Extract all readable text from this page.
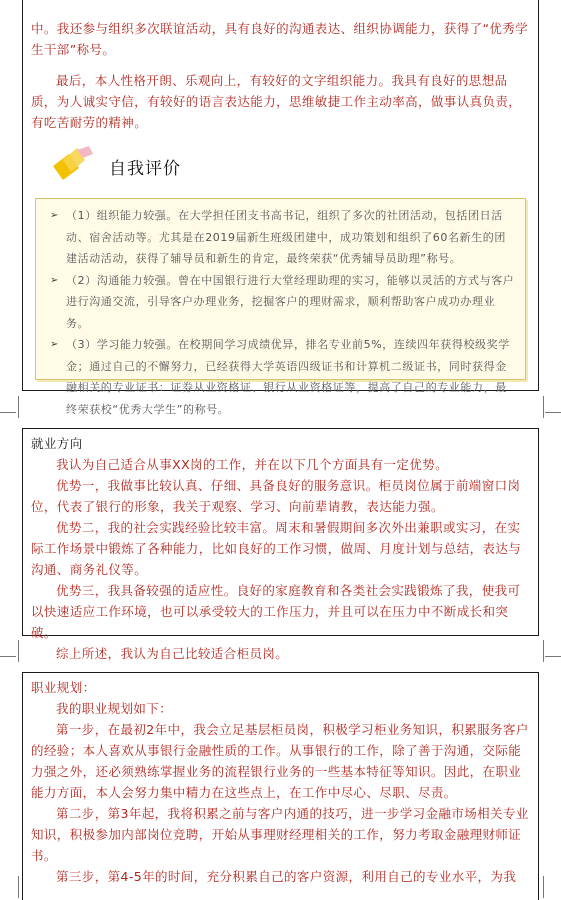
中。我还参与组织多次联谊活动，具有良好的沟通表达、组织协调能力，获得了“优秀学生干部”称号。

最后，本人性格开朗、乐观向上，有较好的文字组织能力。我具有良好的思想品质，为人诚实守信，有较好的语言表达能力，思维敏捷工作主动率高，做事认真负责，有吃苦耐劳的精神。

自我评价
➢ （1）组织能力较强。在大学担任团支书高书记，组织了多次的社团活动，包括团日活动、宿舍活动等。尤其是在2019届新生班级团建中，成功策划和组织了60名新生的团建活动活动，获得了辅导员和新生的肯定，最终荣获“优秀辅导员助理”称号。
➢ （2）沟通能力较强。曾在中国银行进行大堂经理助理的实习，能够以灵活的方式与客户进行沟通交流，引导客户办理业务，挖掘客户的理财需求，顺利帮助客户成功办理业务。
➢ （3）学习能力较强。在校期间学习成绩优异，排名专业前5%，连续四年获得校级奖学金；通过自己的不懈努力，已经获得大学英语四级证书和计算机二级证书，同时获得金融相关的专业证书：证券从业资格证、银行从业资格证等，提高了自己的专业能力，最终荣获校“优秀大学生”的称号。

就业方向

我认为自己适合从事XX岗的工作，并在以下几个方面具有一定优势。

优势一，我做事比较认真、仔细、具备良好的服务意识。柜员岗位属于前端窗口岗位，代表了银行的形象，我关于观察、学习、向前辈请教，表达能力强。

优势二，我的社会实践经验比较丰富。周末和暑假期间多次外出兼职或实习，在实际工作场景中锻炼了各种能力，比如良好的工作习惯，做周、月度计划与总结，表达与沟通、商务礼仪等。

优势三，我具备较强的适应性。良好的家庭教育和各类社会实践锻炼了我，使我可以快速适应工作环境，也可以承受较大的工作压力，并且可以在压力中不断成长和突破。

综上所述，我认为自己比较适合柜员岗。

职业规划：

我的职业规划如下：

第一步，在最初2年中，我会立足基层柜员岗，积极学习柜业务知识，积累服务客户的经验；本人喜欢从事银行金融性质的工作。从事银行的工作，除了善于沟通，交际能力强之外，还必须熟练掌握业务的流程银行业务的一些基本特征等知识。因此，在职业能力方面，本人会努力集中精力在这些点上，在工作中尽心、尽职、尽责。

第二步，第3年起，我将积累之前与客户内通的技巧，进一步学习金融市场相关专业知识，积极参加内部岗位竞聘，开始从事理财经理相关的工作，努力考取金融理财师证书。

第三步，第4-5年的时间，充分积累自己的客户资源，利用自己的专业水平，为我
